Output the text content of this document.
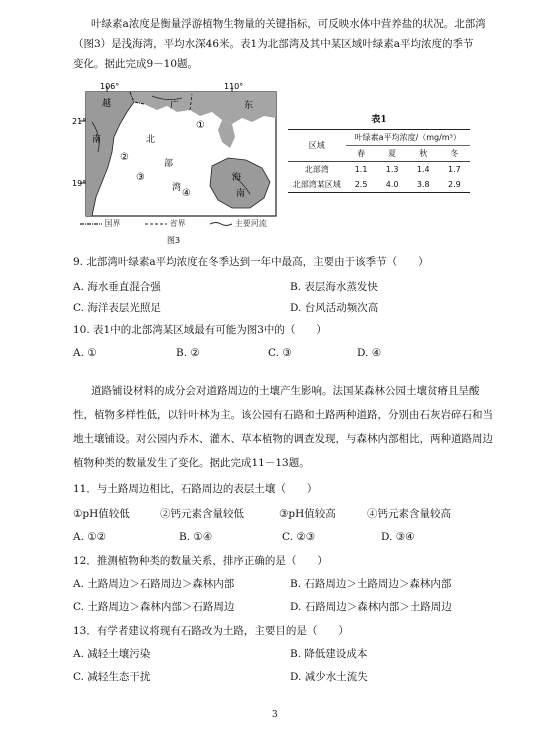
叶绿素a浓度是衡量浮游植物生物量的关键指标，可反映水体中营养盐的状况。北部湾
（图3）是浅海湾，平均水深46米。表1为北部湾及其中某区域叶绿素a平均浓度的季节
变化。据此完成9－10题。
106°	110°
21°
19°
越
南
广	东
北
部
湾
海
南
①
②
③
④
国界	省界	主要河流
图3
表1
区域	叶绿素a平均浓度/（mg/m³）			
	春	夏	秋	冬
北部湾	1.1	1.3	1.4	1.7
北部湾某区域	2.5	4.0	3.8	2.9
9. 北部湾叶绿素a平均浓度在冬季达到一年中最高，主要由于该季节（　　）
A. 海水垂直混合强	B. 表层海水蒸发快
C. 海洋表层光照足	D. 台风活动频次高
10. 表1中的北部湾某区域最有可能为图3中的（　　）
A. ①	B. ②	C. ③	D. ④
道路铺设材料的成分会对道路周边的土壤产生影响。法国某森林公园土壤贫瘠且呈酸
性，植物多样性低，以针叶林为主。该公园有石路和土路两种道路，分别由石灰岩碎石和当
地土壤铺设。对公园内乔木、灌木、草本植物的调查发现，与森林内部相比，两种道路周边
植物种类的数量发生了变化。据此完成11－13题。
11．与土路周边相比，石路周边的表层土壤（　　）
①pH值较低	②钙元素含量较低	③pH值较高	④钙元素含量较高
A. ①②	B. ①④	C. ②③	D. ③④
12．推测植物种类的数量关系，排序正确的是（　　）
A. 土路周边＞石路周边＞森林内部	B. 石路周边＞土路周边＞森林内部
C. 土路周边＞森林内部＞石路周边	D. 石路周边＞森林内部＞土路周边
13．有学者建议将现有石路改为土路，主要目的是（　　）
A. 减轻土壤污染	B. 降低建设成本
C. 减轻生态干扰	D. 减少水土流失
3
